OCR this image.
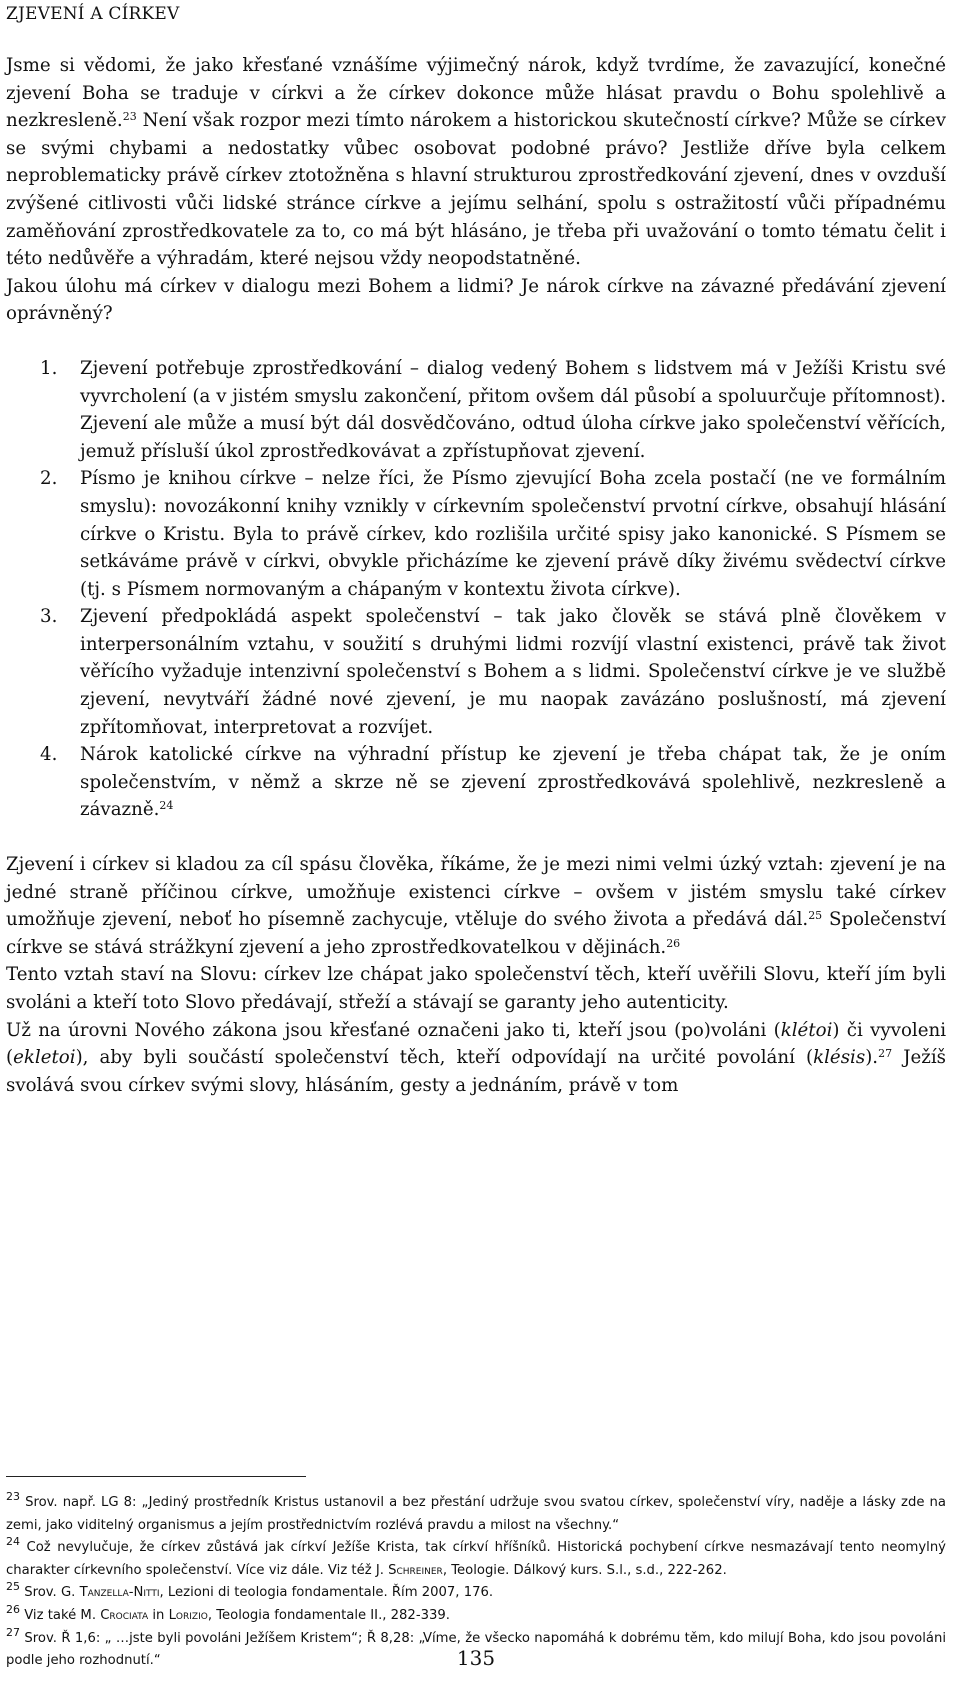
ZJEVENÍ A CÍRKEV

Jsme si vědomi, že jako křesťané vznášíme výjimečný nárok, když tvrdíme, že zavazující, konečné zjevení Boha se traduje v církvi a že církev dokonce může hlásat pravdu o Bohu spolehlivě a nezkresleně.$^{23}$ Není však rozpor mezi tímto nárokem a historickou skutečností církve? Může se církev se svými chybami a nedostatky vůbec osobovat podobné právo? Jestliže dříve byla celkem neproblematicky právě církev ztotožněna s hlavní strukturou zprostředkování zjevení, dnes v ovzduší zvýšené citlivosti vůči lidské stránce církve a jejímu selhání, spolu s ostražitostí vůči případnému zaměňování zprostředkovatele za to, co má být hlásáno, je třeba při uvažování o tomto tématu čelit i této nedůvěře a výhradám, které nejsou vždy neopodstatněné.

Jakou úlohu má církev v dialogu mezi Bohem a lidmi? Je nárok církve na závazné předávání zjevení oprávněný?

1.	Zjevení potřebuje zprostředkování – dialog vedený Bohem s lidstvem má v Ježíši Kristu své vyvrcholení (a v jistém smyslu zakončení, přitom ovšem dál působí a spoluurčuje přítomnost). Zjevení ale může a musí být dál dosvědčováno, odtud úloha církve jako společenství věřících, jemuž přísluší úkol zprostředkovávat a zpřístupňovat zjevení.
2.	Písmo je knihou církve – nelze říci, že Písmo zjevující Boha zcela postačí (ne ve formálním smyslu): novozákonní knihy vznikly v církevním společenství prvotní církve, obsahují hlásání církve o Kristu. Byla to právě církev, kdo rozlišila určité spisy jako kanonické. S Písmem se setkáváme právě v církvi, obvykle přicházíme ke zjevení právě díky živému svědectví církve (tj. s Písmem normovaným a chápaným v kontextu života církve).
3.	Zjevení předpokládá aspekt společenství – tak jako člověk se stává plně člověkem v interpersonálním vztahu, v soužití s druhými lidmi rozvíjí vlastní existenci, právě tak život věřícího vyžaduje intenzivní společenství s Bohem a s lidmi. Společenství církve je ve službě zjevení, nevytváří žádné nové zjevení, je mu naopak zavázáno poslušností, má zjevení zpřítomňovat, interpretovat a rozvíjet.
4.	Nárok katolické církve na výhradní přístup ke zjevení je třeba chápat tak, že je oním společenstvím, v němž a skrze ně se zjevení zprostředkovává spolehlivě, nezkresleně a závazně.$^{24}$

Zjevení i církev si kladou za cíl spásu člověka, říkáme, že je mezi nimi velmi úzký vztah: zjevení je na jedné straně příčinou církve, umožňuje existenci církve – ovšem v jistém smyslu také církev umožňuje zjevení, neboť ho písemně zachycuje, vtěluje do svého života a předává dál.$^{25}$ Společenství církve se stává strážkyní zjevení a jeho zprostředkovatelkou v dějinách.$^{26}$

Tento vztah staví na Slovu: církev lze chápat jako společenství těch, kteří uvěřili Slovu, kteří jím byli svoláni a kteří toto Slovo předávají, střeží a stávají se garanty jeho autenticity.

Už na úrovni Nového zákona jsou křesťané označeni jako ti, kteří jsou (po)voláni (klétoi) či vyvoleni (ekletoi), aby byli součástí společenství těch, kteří odpovídají na určité povolání (klésis).$^{27}$ Ježíš svolává svou církev svými slovy, hlásáním, gesty a jednáním, právě v tom

$^{23}$ Srov. např. LG 8: „Jediný prostředník Kristus ustanovil a bez přestání udržuje svou svatou církev, společenství víry, naděje a lásky zde na zemi, jako viditelný organismus a jejím prostřednictvím rozlévá pravdu a milost na všechny.“

$^{24}$ Což nevylučuje, že církev zůstává jak církví Ježíše Krista, tak církví hříšníků. Historická pochybení církve nesmazávají tento neomylný charakter církevního společenství. Více viz dále. Viz též J. Schreiner, Teologie. Dálkový kurs. S.l., s.d., 222-262.

$^{25}$ Srov. G. Tanzella-Nitti, Lezioni di teologia fondamentale. Řím 2007, 176.

$^{26}$ Viz také M. Crociata in Lorizio, Teologia fondamentale II., 282-339.

$^{27}$ Srov. Ř 1,6: „ …jste byli povoláni Ježíšem Kristem“; Ř 8,28: „Víme, že všecko napomáhá k dobrému těm, kdo milují Boha, kdo jsou povoláni podle jeho rozhodnutí.“	135
